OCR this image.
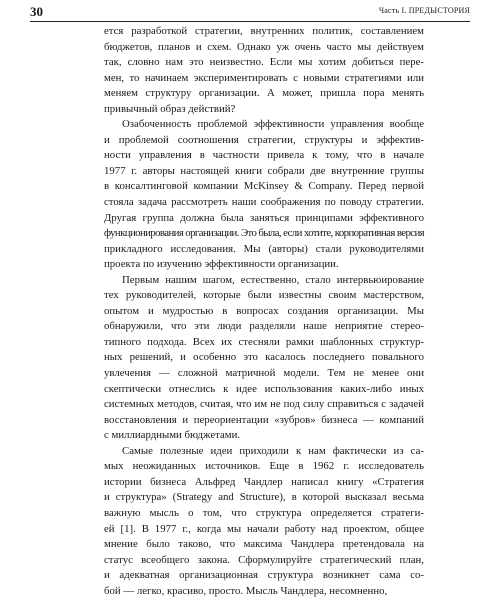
30	Часть I. ПРЕДЫСТОРИЯ
ется разработкой стратегии, внутренних политик, составлением
бюджетов, планов и схем. Однако уж очень часто мы действуем
так, словно нам это неизвестно. Если мы хотим добиться пере-
мен, то начинаем экспериментировать с новыми стратегиями или
меняем структуру организации. А может, пришла пора менять
привычный образ действий?
Озабоченность проблемой эффективности управления вообще
и проблемой соотношения стратегии, структуры и эффектив-
ности управления в частности привела к тому, что в начале
1977 г. авторы настоящей книги собрали две внутренние группы
в консалтинговой компании McKinsey & Company. Перед первой
стояла задача рассмотреть наши соображения по поводу стратегии.
Другая группа должна была заняться принципами эффективного
функционирования организации. Это была, если хотите, корпоративная версия
прикладного исследования. Мы (авторы) стали руководителями
проекта по изучению эффективности организации.
Первым нашим шагом, естественно, стало интервьюирование
тех руководителей, которые были известны своим мастерством,
опытом и мудростью в вопросах создания организации. Мы
обнаружили, что эти люди разделяли наше неприятие стерео-
типного подхода. Всех их стесняли рамки шаблонных структур-
ных решений, и особенно это касалось последнего повального
увлечения — сложной матричной модели. Тем не менее они
скептически отнеслись к идее использования каких-либо иных
системных методов, считая, что им не под силу справиться с задачей
восстановления и переориентации «зубров» бизнеса — компаний
с миллиардными бюджетами.
Самые полезные идеи приходили к нам фактически из са-
мых неожиданных источников. Еще в 1962 г. исследователь
истории бизнеса Альфред Чандлер написал книгу «Стратегия
и структура» (Strategy and Structure), в которой высказал весьма
важную мысль о том, что структура определяется стратеги-
ей [1]. В 1977 г., когда мы начали работу над проектом, общее
мнение было таково, что максима Чандлера претендовала на
статус всеобщего закона. Сформулируйте стратегический план,
и адекватная организационная структура возникнет сама со-
бой — легко, красиво, просто. Мысль Чандлера, несомненно,
